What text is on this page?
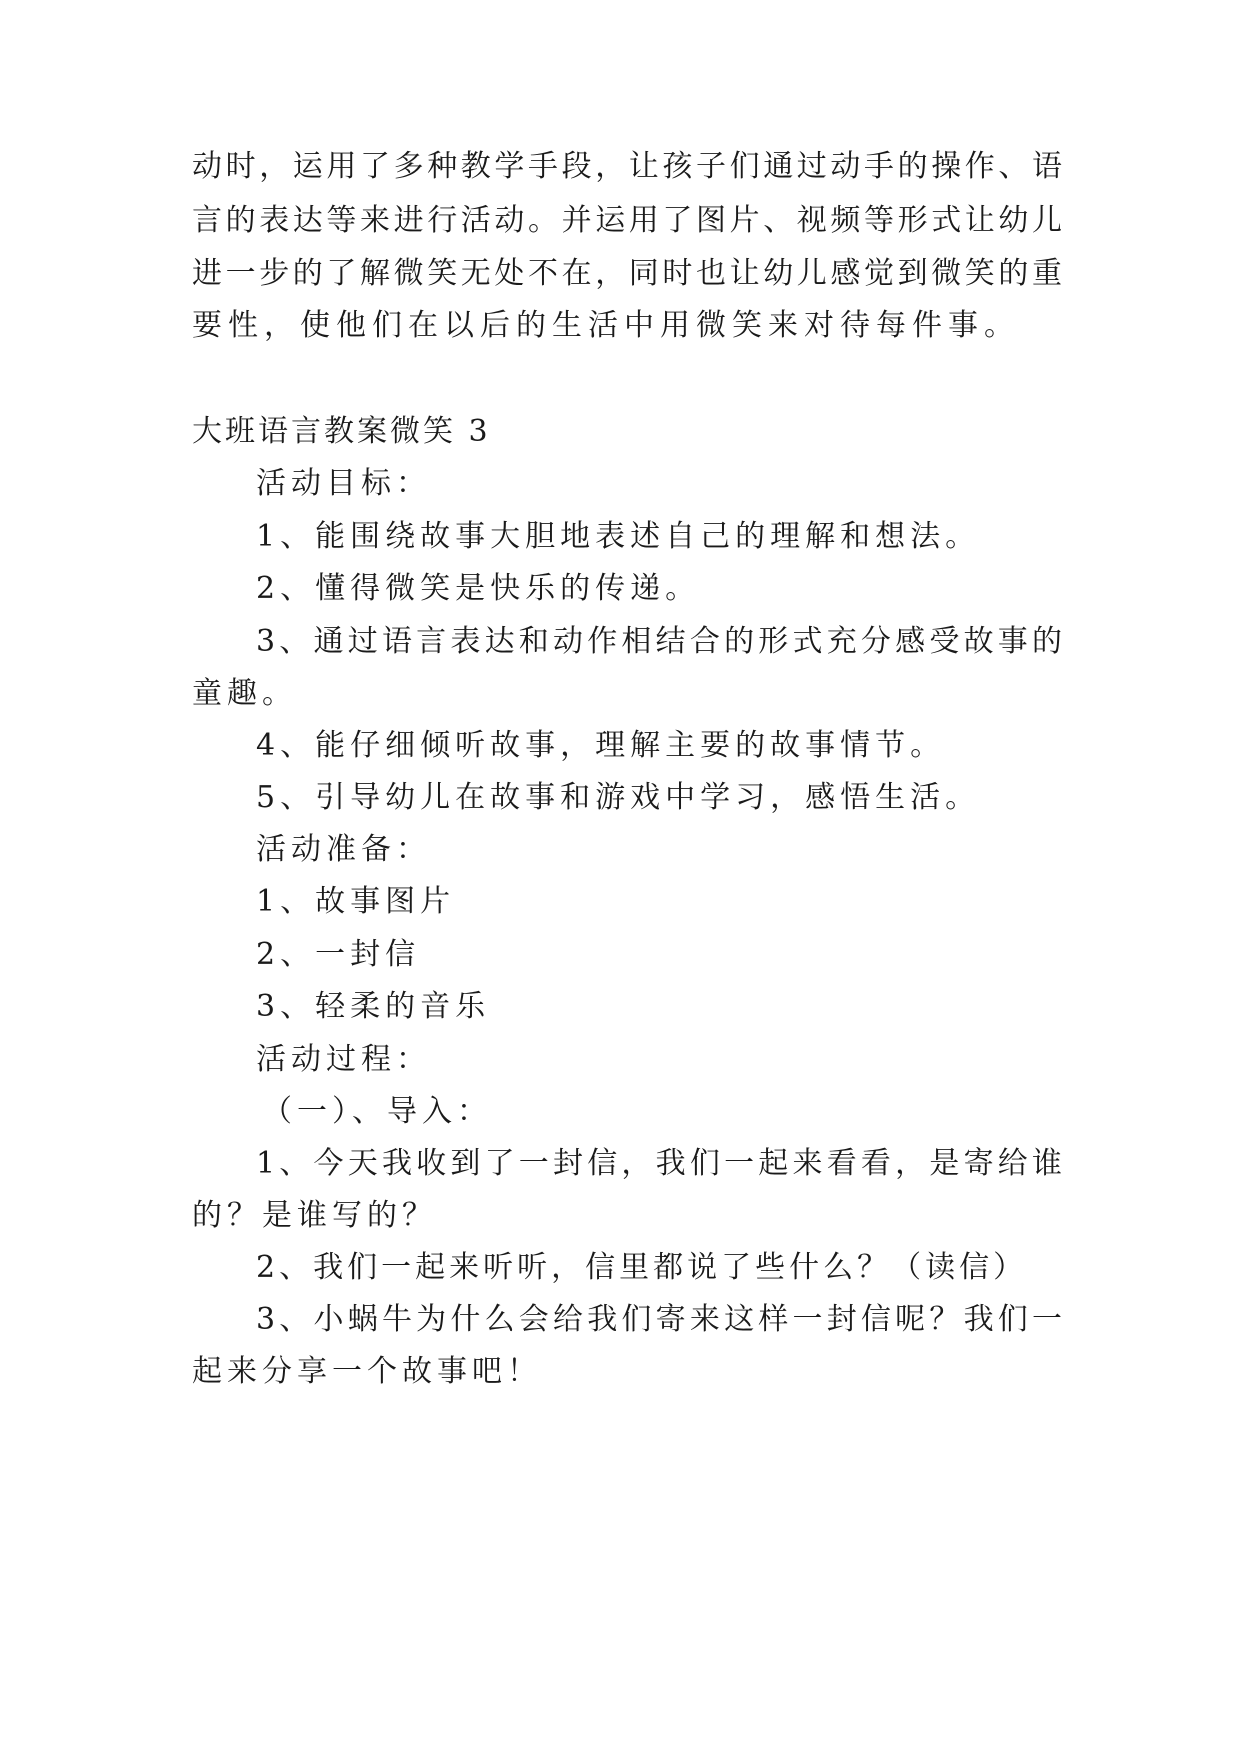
动时，运用了多种教学手段，让孩子们通过动手的操作、语
言的表达等来进行活动。并运用了图片、视频等形式让幼儿
进一步的了解微笑无处不在，同时也让幼儿感觉到微笑的重
要性，使他们在以后的生活中用微笑来对待每件事。
大班语言教案微笑 3
活动目标：
1、能围绕故事大胆地表述自己的理解和想法。
2、懂得微笑是快乐的传递。
3、通过语言表达和动作相结合的形式充分感受故事的
童趣。
4、能仔细倾听故事，理解主要的故事情节。
5、引导幼儿在故事和游戏中学习，感悟生活。
活动准备：
1、故事图片
2、一封信
3、轻柔的音乐
活动过程：
（一）、导入：
1、今天我收到了一封信，我们一起来看看，是寄给谁
的？是谁写的？
2、我们一起来听听，信里都说了些什么？（读信）
3、小蜗牛为什么会给我们寄来这样一封信呢？我们一
起来分享一个故事吧！
